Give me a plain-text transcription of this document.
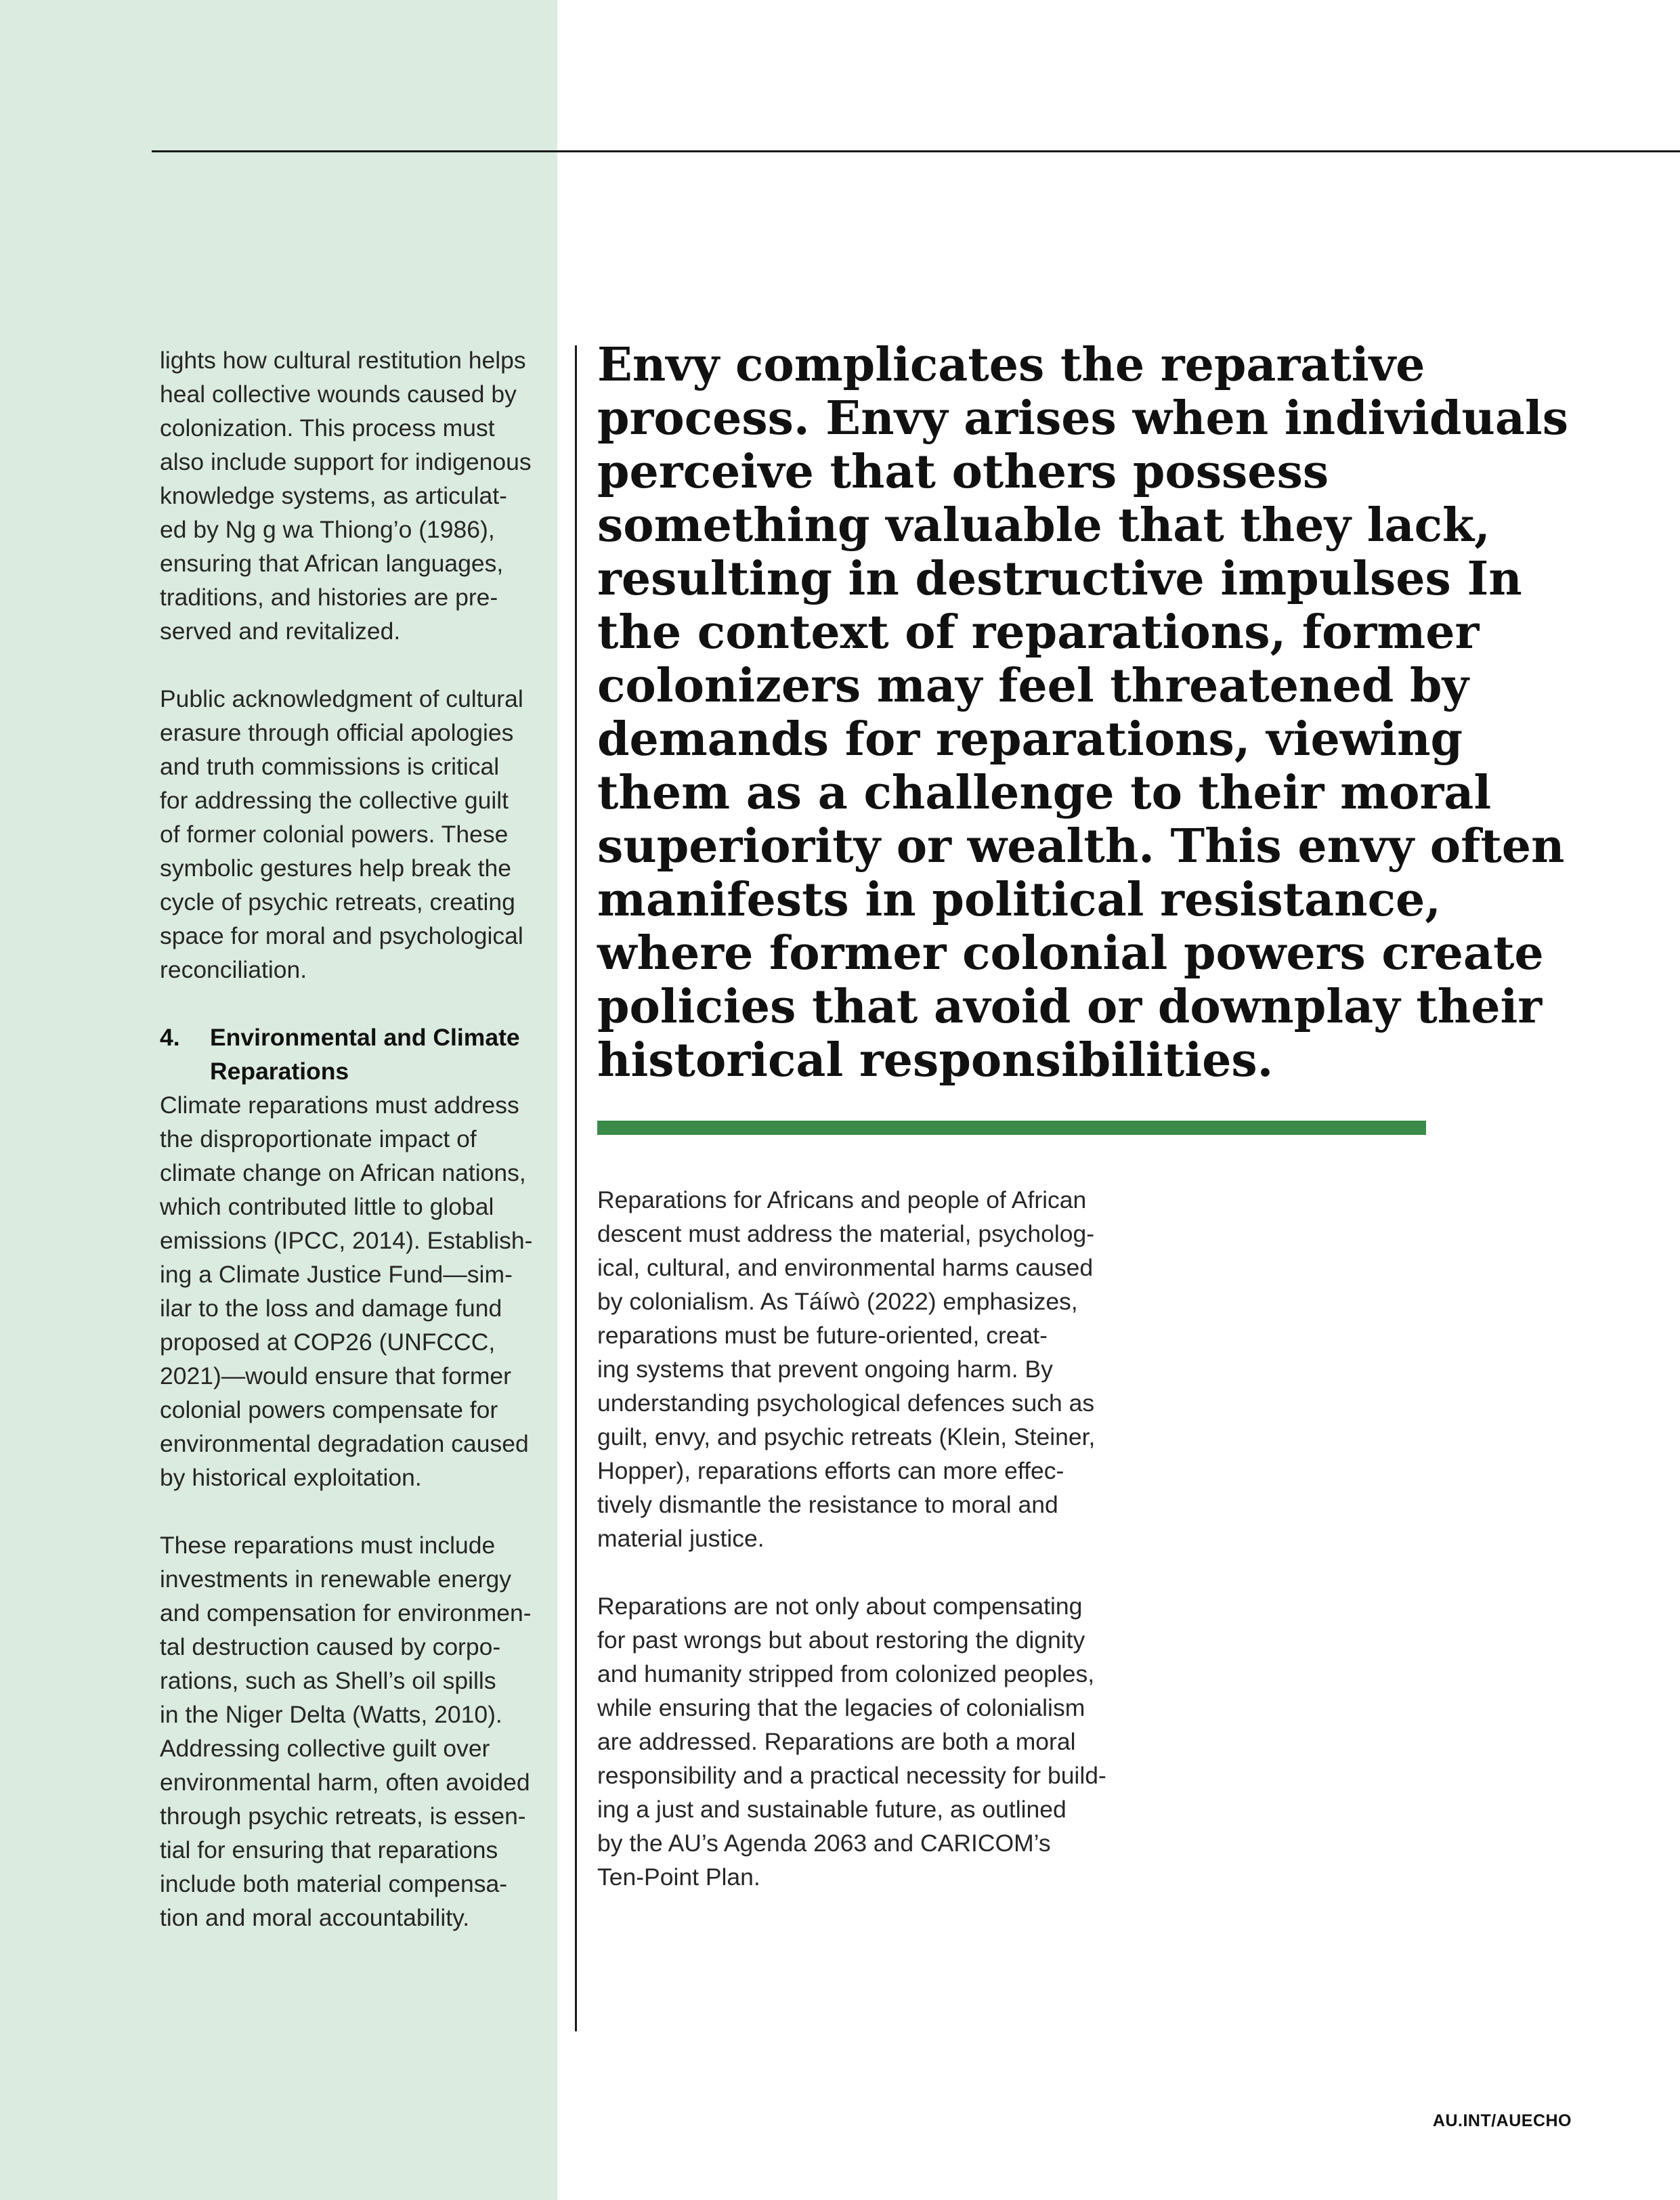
lights how cultural restitution helps

heal collective wounds caused by

colonization. This process must

also include support for indigenous

knowledge systems, as articulat-

ed by Ng g wa Thiong’o (1986),

ensuring that African languages,

traditions, and histories are pre-

served and revitalized.

Public acknowledgment of cultural

erasure through official apologies

and truth commissions is critical

for addressing the collective guilt

of former colonial powers. These

symbolic gestures help break the

cycle of psychic retreats, creating

space for moral and psychological

reconciliation.

4. Environmental and Climate

Reparations

Climate reparations must address

the disproportionate impact of

climate change on African nations,

which contributed little to global

emissions (IPCC, 2014). Establish-

ing a Climate Justice Fund—sim-

ilar to the loss and damage fund

proposed at COP26 (UNFCCC,

2021)—would ensure that former

colonial powers compensate for

environmental degradation caused

by historical exploitation.

These reparations must include

investments in renewable energy

and compensation for environmen-

tal destruction caused by corpo-

rations, such as Shell’s oil spills

in the Niger Delta (Watts, 2010).

Addressing collective guilt over

environmental harm, often avoided

through psychic retreats, is essen-

tial for ensuring that reparations

include both material compensa-

tion and moral accountability.

Envy complicates the reparative

process. Envy arises when individuals

perceive that others possess

something valuable that they lack,

resulting in destructive impulses In

the context of reparations, former

colonizers may feel threatened by

demands for reparations, viewing

them as a challenge to their moral

superiority or wealth. This envy often

manifests in political resistance,

where former colonial powers create

policies that avoid or downplay their

historical responsibilities.

Reparations for Africans and people of African

descent must address the material, psycholog-

ical, cultural, and environmental harms caused

by colonialism. As Táíwò (2022) emphasizes,

reparations must be future-oriented, creat-

ing systems that prevent ongoing harm. By

understanding psychological defences such as

guilt, envy, and psychic retreats (Klein, Steiner,

Hopper), reparations efforts can more effec-

tively dismantle the resistance to moral and

material justice.

Reparations are not only about compensating

for past wrongs but about restoring the dignity

and humanity stripped from colonized peoples,

while ensuring that the legacies of colonialism

are addressed. Reparations are both a moral

responsibility and a practical necessity for build-

ing a just and sustainable future, as outlined

by the AU’s Agenda 2063 and CARICOM’s

Ten-Point Plan.

AU.INT/AUECHO
